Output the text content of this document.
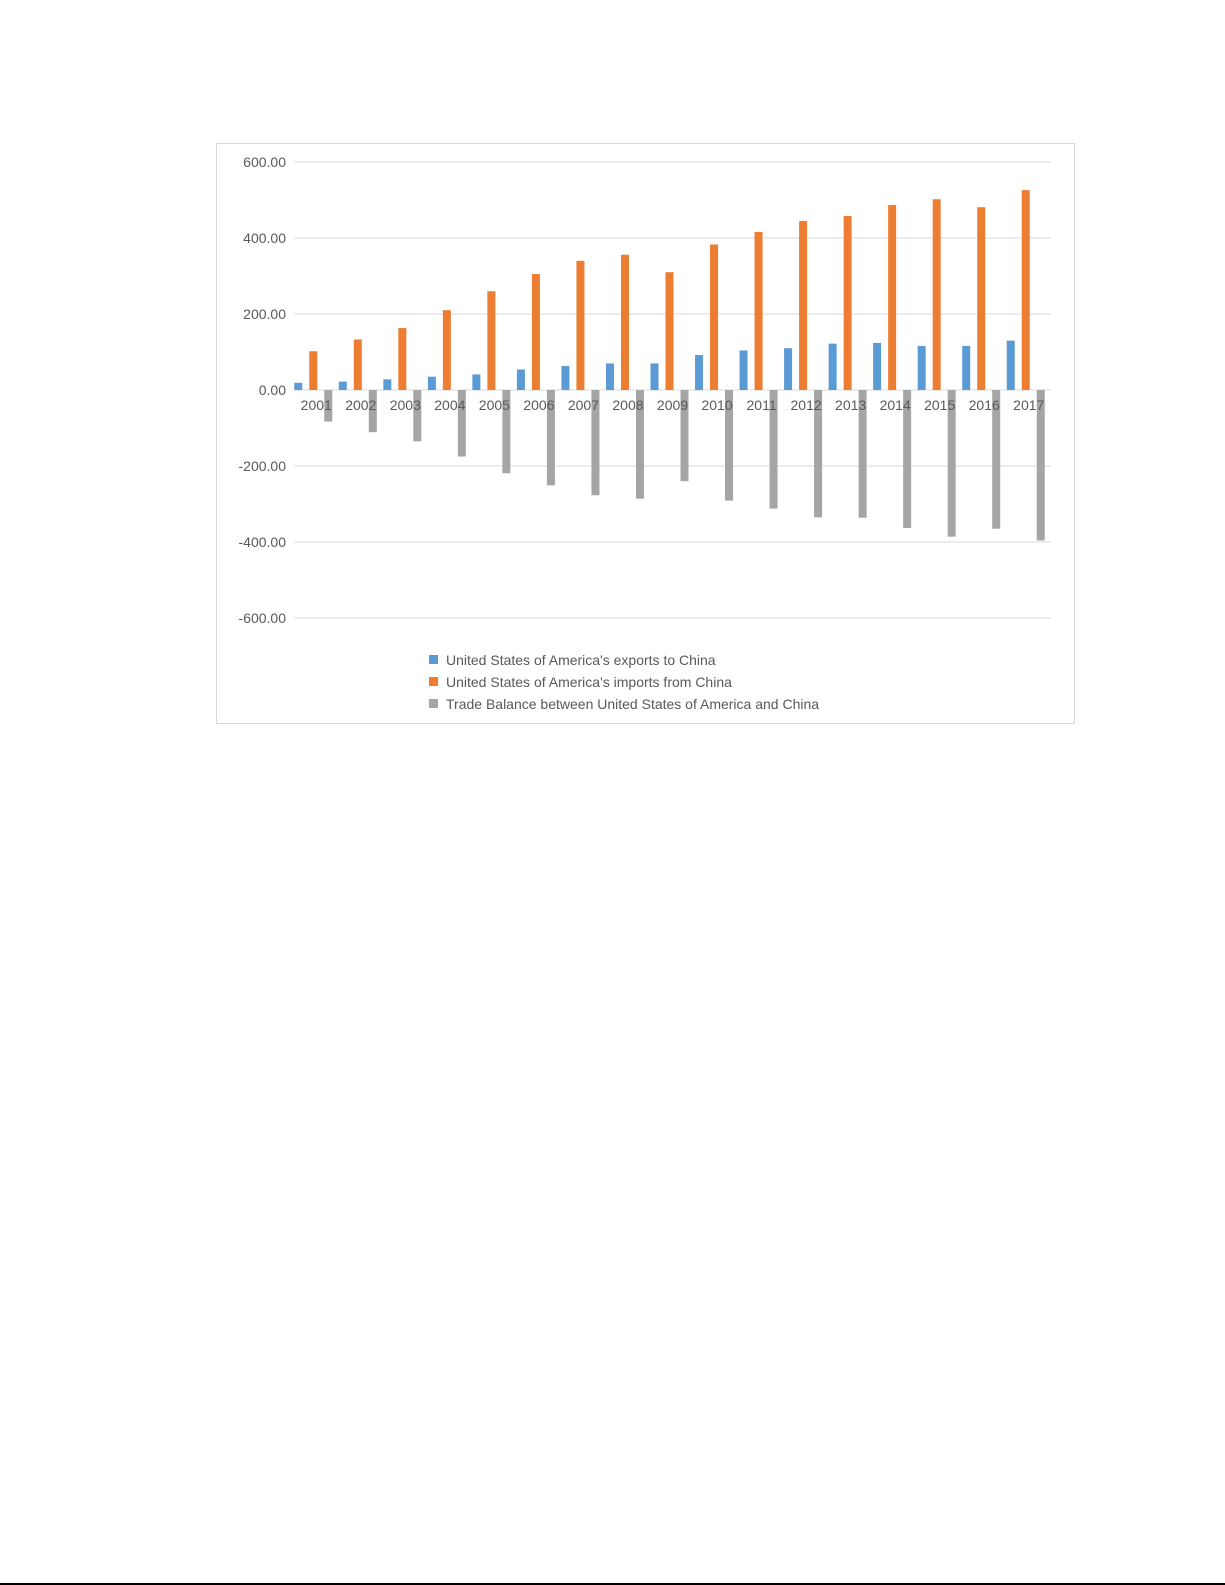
600.00
400.00
200.00
0.00
-200.00
-400.00
-600.00
2001 2002 2003 2004 2005 2006 2007 2008 2009 2010 2011 2012 2013 2014 2015 2016 2017
United States of America's exports to China
United States of America's imports from China
Trade Balance between United States of America and China
